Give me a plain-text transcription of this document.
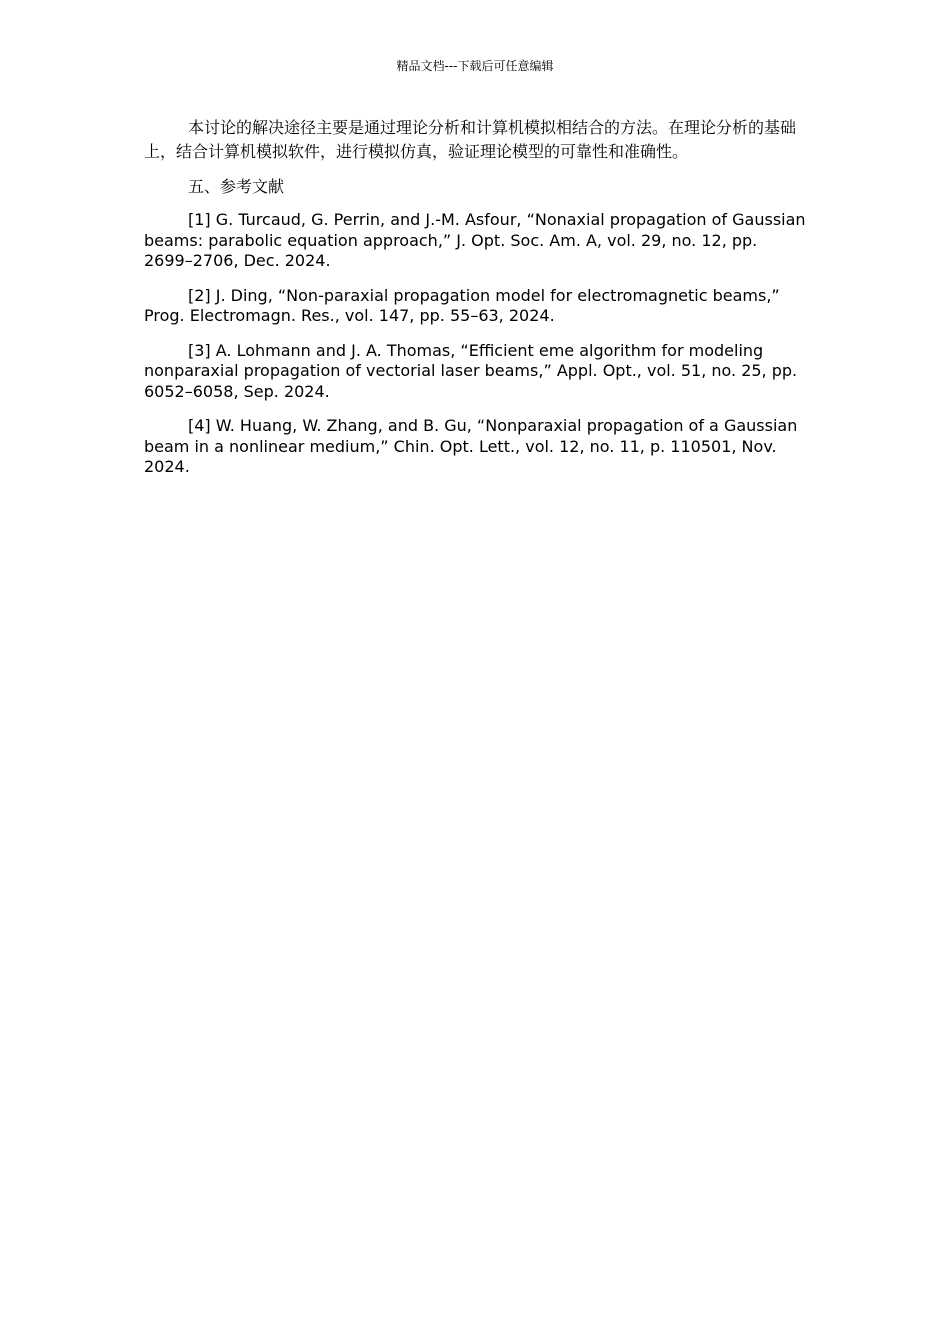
精品文档---下载后可任意编辑

本讨论的解决途径主要是通过理论分析和计算机模拟相结合的方法。在理论分析的基础上，结合计算机模拟软件，进行模拟仿真，验证理论模型的可靠性和准确性。

五、参考文献

[1] G. Turcaud, G. Perrin, and J.-M. Asfour, “Nonaxial propagation of Gaussian beams: parabolic equation approach,” J. Opt. Soc. Am. A, vol. 29, no. 12, pp. 2699–2706, Dec. 2024.

[2] J. Ding, “Non-paraxial propagation model for electromagnetic beams,” Prog. Electromagn. Res., vol. 147, pp. 55–63, 2024.

[3] A. Lohmann and J. A. Thomas, “Efficient eme algorithm for modeling nonparaxial propagation of vectorial laser beams,” Appl. Opt., vol. 51, no. 25, pp. 6052–6058, Sep. 2024.

[4] W. Huang, W. Zhang, and B. Gu, “Nonparaxial propagation of a Gaussian beam in a nonlinear medium,” Chin. Opt. Lett., vol. 12, no. 11, p. 110501, Nov. 2024.
